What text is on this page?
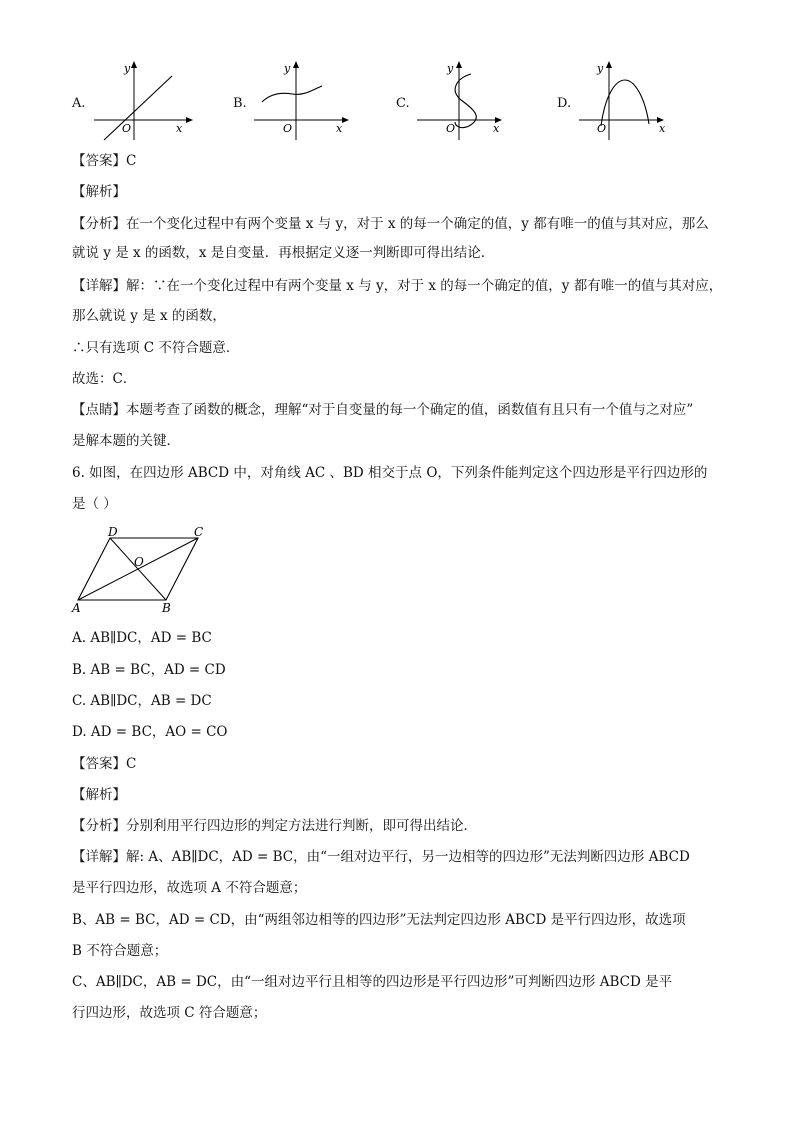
A.
y
x
O
B.
y
x
O
C.
y
x
O
D.
y
x
O
【答案】C
【解析】
【分析】在一个变化过程中有两个变量 x 与 y，对于 x 的每一个确定的值，y 都有唯一的值与其对应，那么
就说 y 是 x 的函数，x 是自变量．再根据定义逐一判断即可得出结论．
【详解】解：∵在一个变化过程中有两个变量 x 与 y，对于 x 的每一个确定的值，y 都有唯一的值与其对应，
那么就说 y 是 x 的函数，
∴只有选项 C 不符合题意．
故选：C．
【点睛】本题考查了函数的概念，理解“对于自变量的每一个确定的值，函数值有且只有一个值与之对应”
是解本题的关键．
6. 如图，在四边形 ABCD 中，对角线 AC 、BD 相交于点 O，下列条件能判定这个四边形是平行四边形的
是（ ）
D	C
O
A	B
A. AB∥DC，AD = BC
B. AB = BC，AD = CD
C. AB∥DC，AB = DC
D. AD = BC，AO = CO
【答案】C
【解析】
【分析】分别利用平行四边形的判定方法进行判断，即可得出结论．
【详解】解: A、AB∥DC，AD = BC，由“一组对边平行，另一边相等的四边形”无法判断四边形 ABCD
是平行四边形，故选项 A 不符合题意；
B、AB = BC，AD = CD，由“两组邻边相等的四边形”无法判定四边形 ABCD 是平行四边形，故选项
B 不符合题意；
C、AB∥DC，AB = DC，由“一组对边平行且相等的四边形是平行四边形”可判断四边形 ABCD 是平
行四边形，故选项 C 符合题意；
